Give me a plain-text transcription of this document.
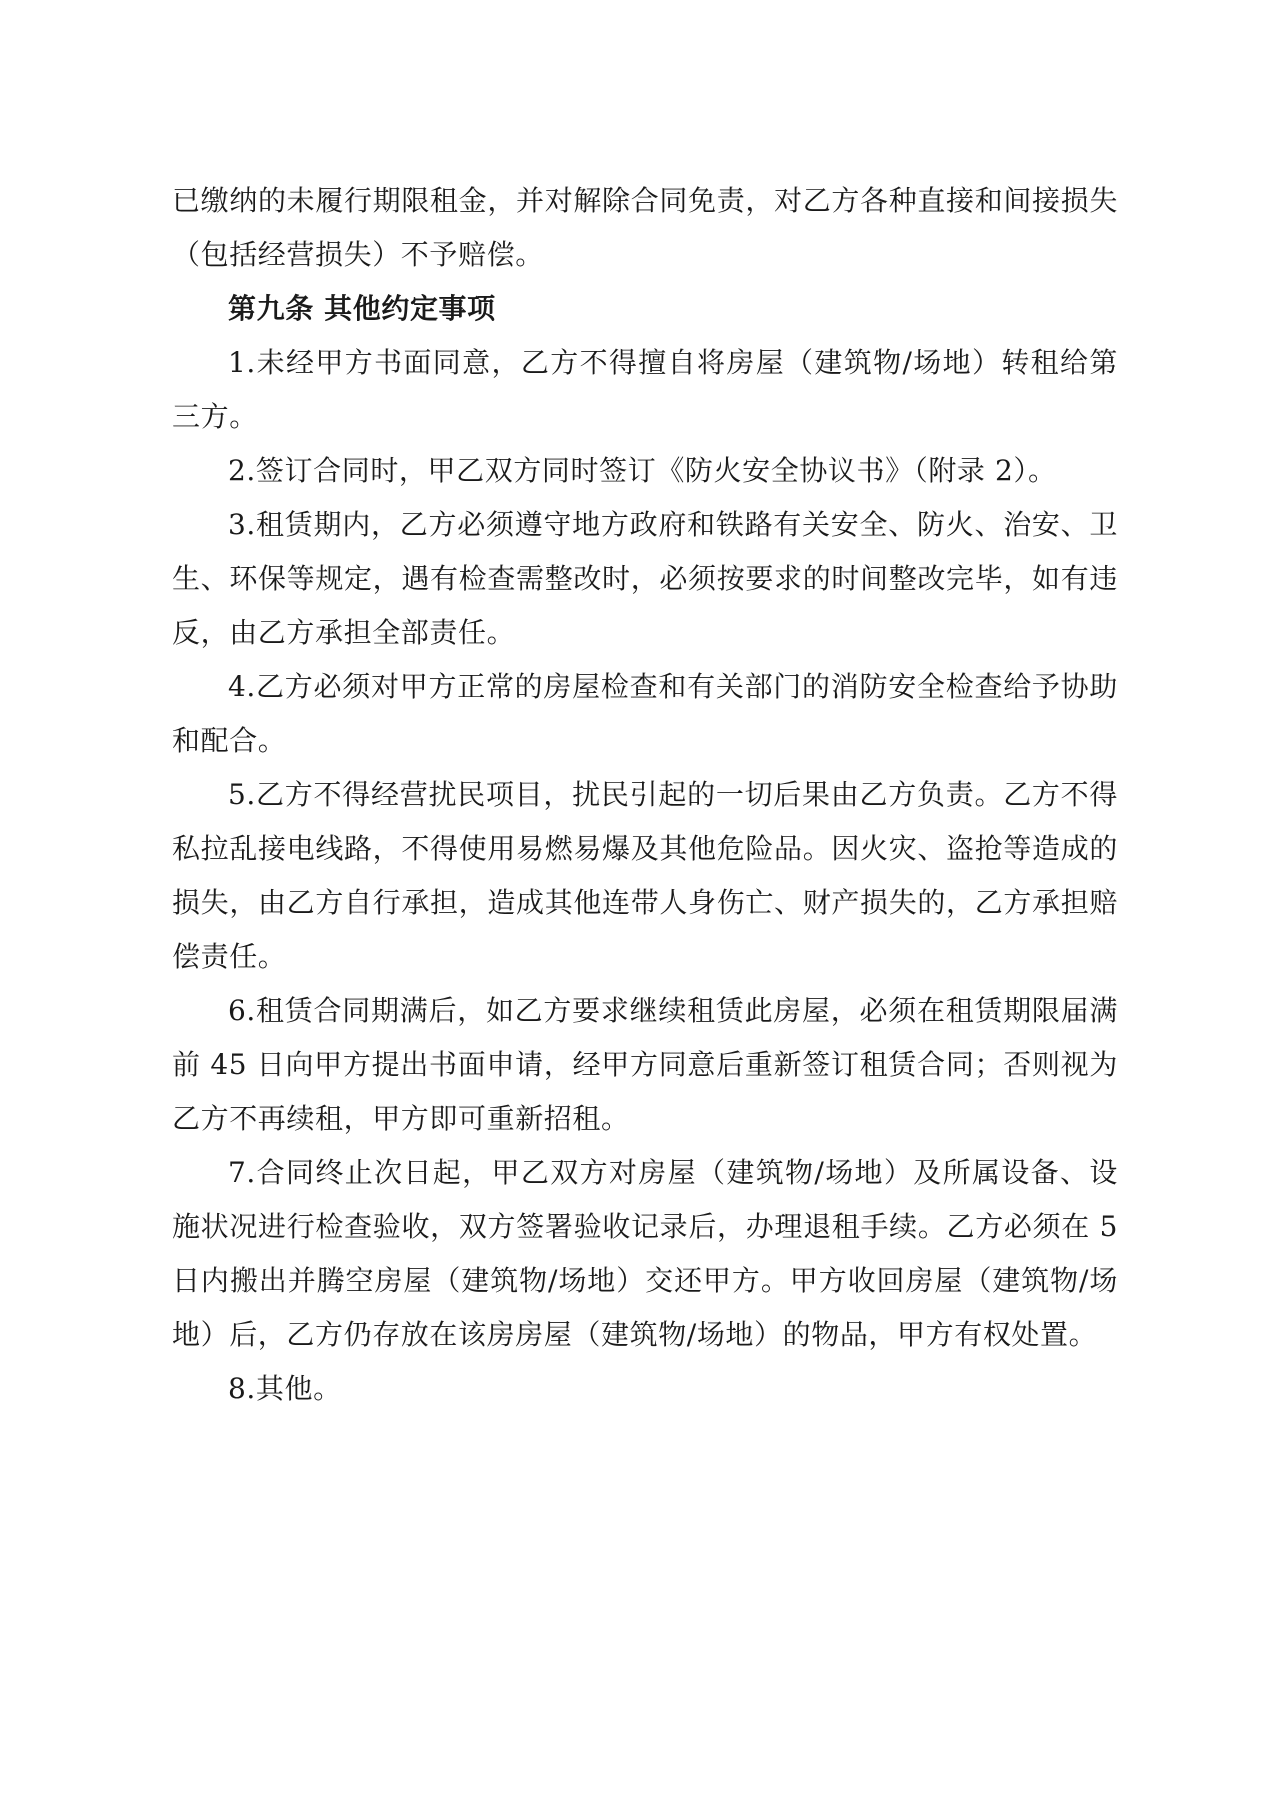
已缴纳的未履行期限租金，并对解除合同免责，对乙方各种直接和间接损失（包括经营损失）不予赔偿。

第九条 其他约定事项

1.未经甲方书面同意，乙方不得擅自将房屋（建筑物/场地）转租给第三方。

2.签订合同时，甲乙双方同时签订《防火安全协议书》（附录 2）。

3.租赁期内，乙方必须遵守地方政府和铁路有关安全、防火、治安、卫生、环保等规定，遇有检查需整改时，必须按要求的时间整改完毕，如有违反，由乙方承担全部责任。

4.乙方必须对甲方正常的房屋检查和有关部门的消防安全检查给予协助和配合。

5.乙方不得经营扰民项目，扰民引起的一切后果由乙方负责。乙方不得私拉乱接电线路，不得使用易燃易爆及其他危险品。因火灾、盗抢等造成的损失，由乙方自行承担，造成其他连带人身伤亡、财产损失的，乙方承担赔偿责任。

6.租赁合同期满后，如乙方要求继续租赁此房屋，必须在租赁期限届满前 45 日向甲方提出书面申请，经甲方同意后重新签订租赁合同；否则视为乙方不再续租，甲方即可重新招租。

7.合同终止次日起，甲乙双方对房屋（建筑物/场地）及所属设备、设施状况进行检查验收，双方签署验收记录后，办理退租手续。乙方必须在 5 日内搬出并腾空房屋（建筑物/场地）交还甲方。甲方收回房屋（建筑物/场地）后，乙方仍存放在该房房屋（建筑物/场地）的物品，甲方有权处置。

8.其他。
